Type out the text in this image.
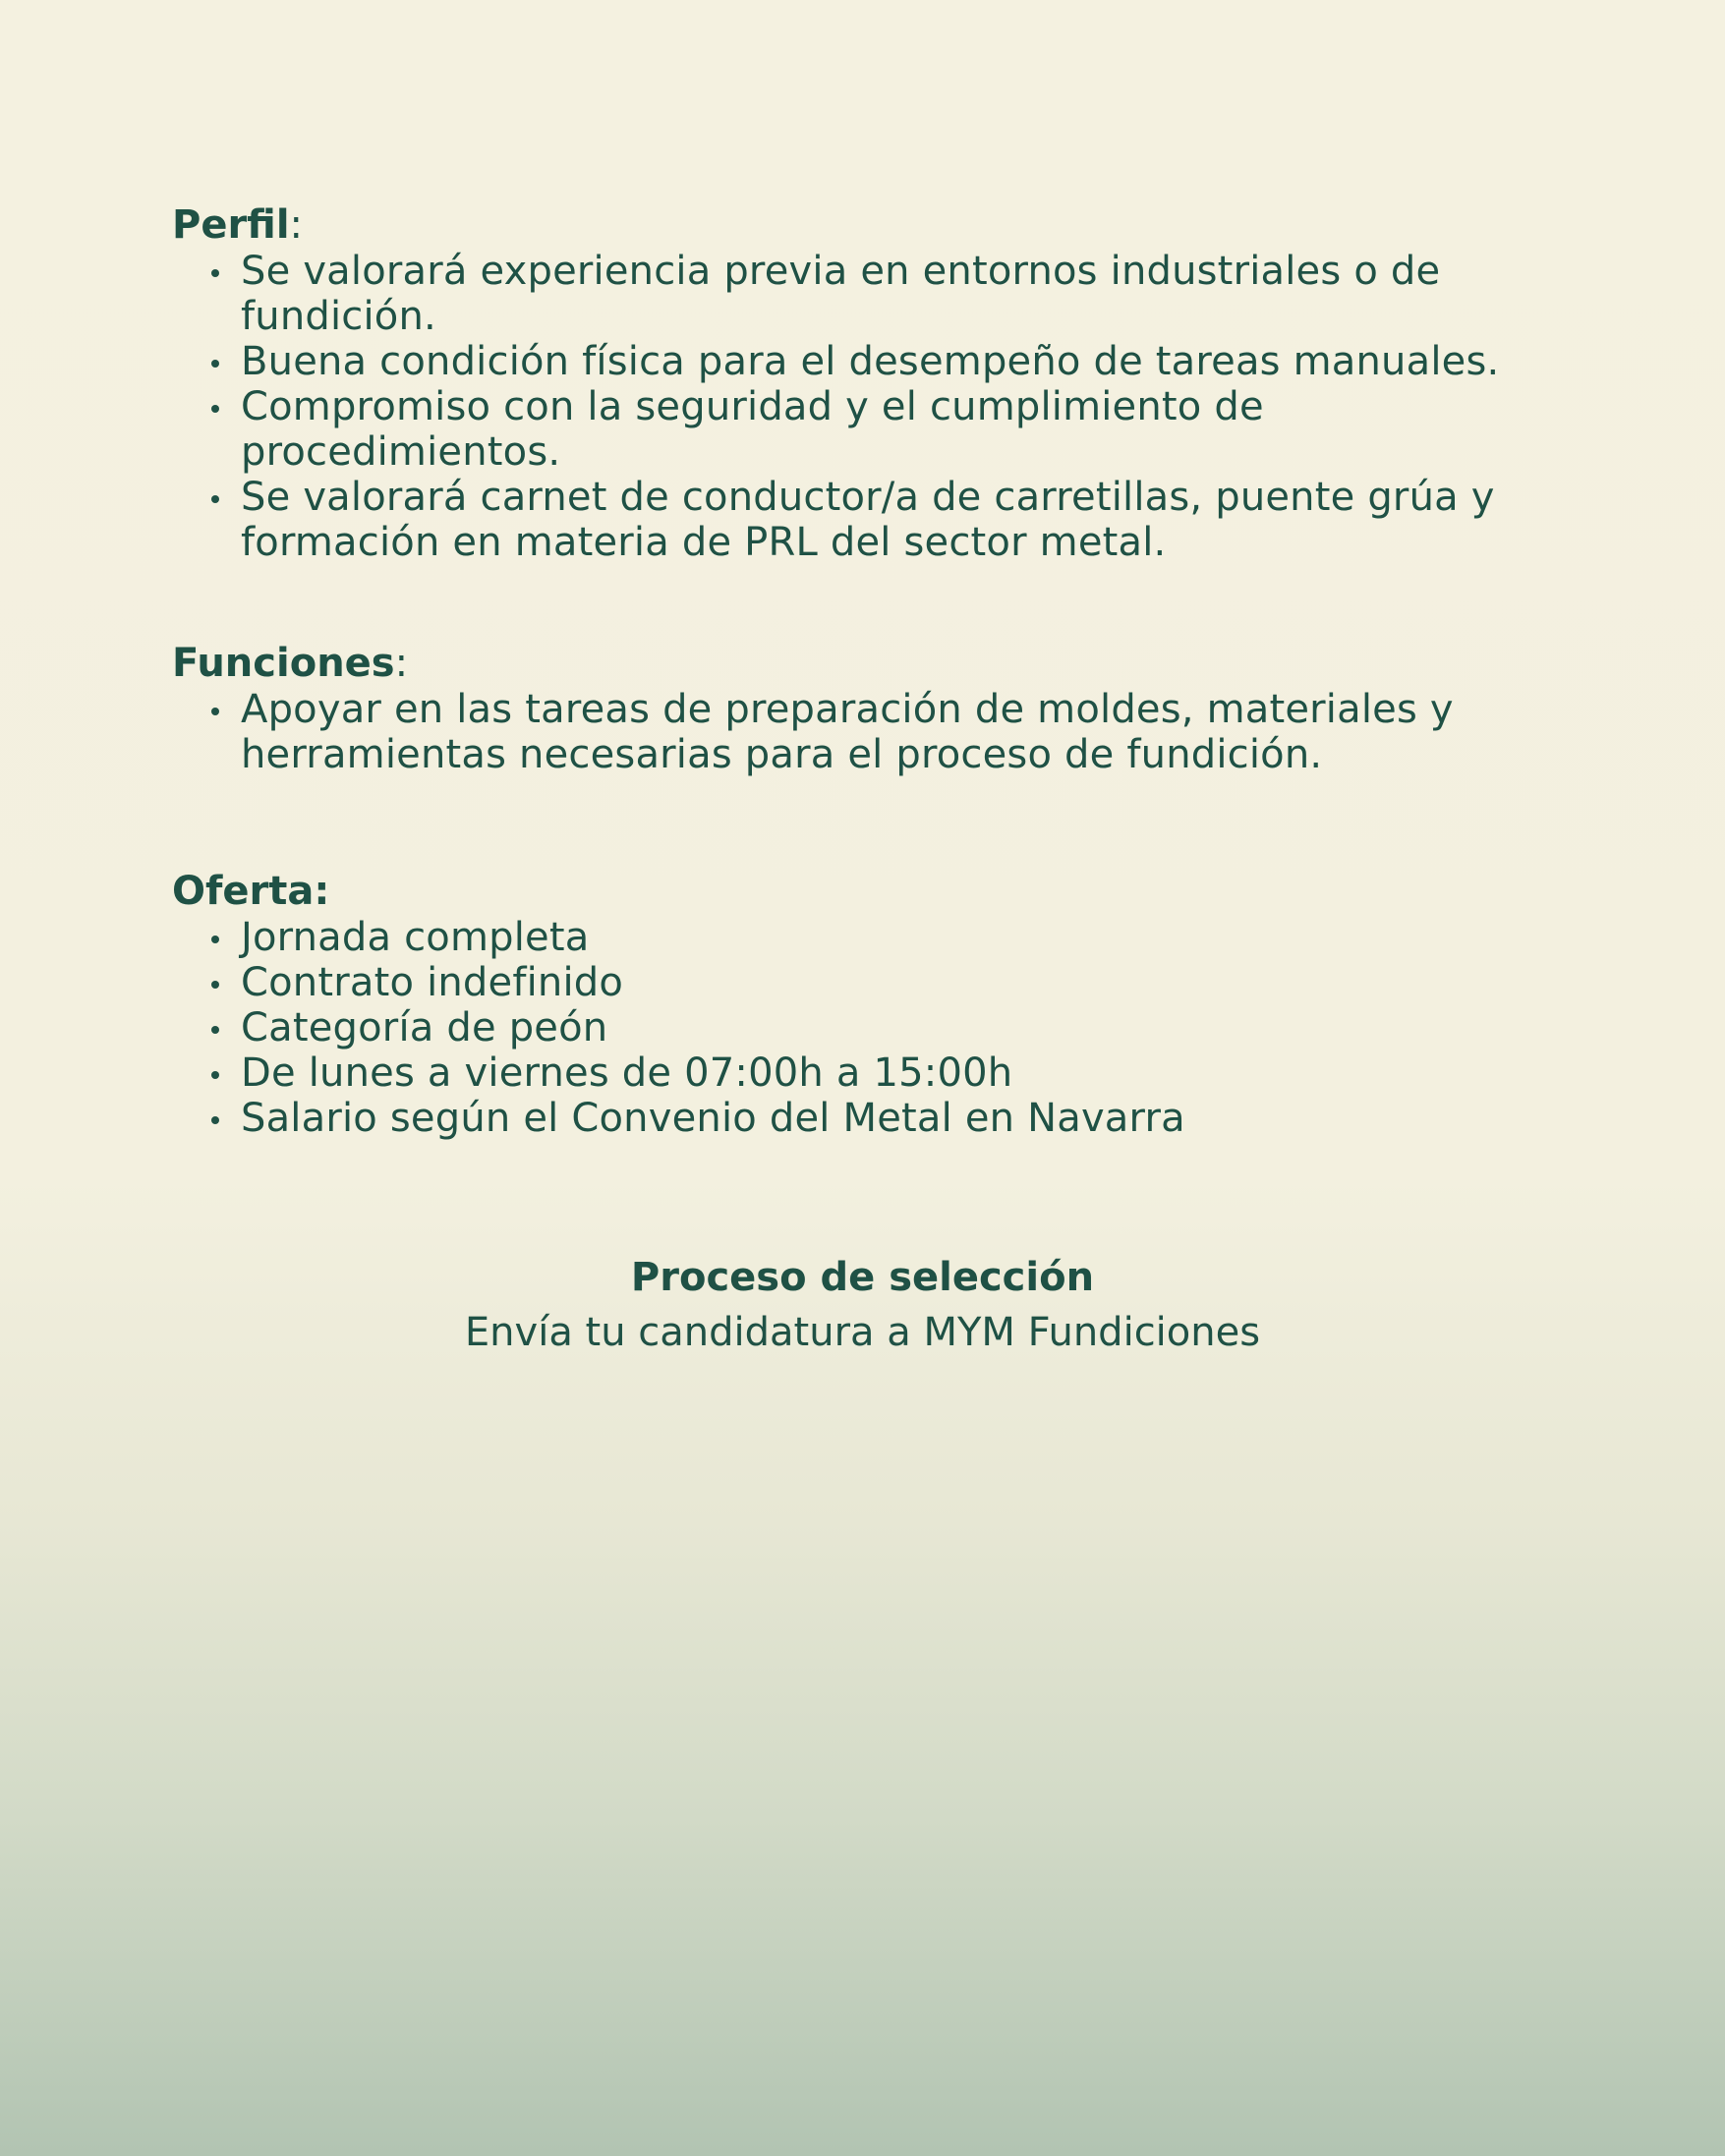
Perfil:

Se valorará experiencia previa en entornos industriales o de fundición.
Buena condición física para el desempeño de tareas manuales.
Compromiso con la seguridad y el cumplimiento de procedimientos.
Se valorará carnet de conductor/a de carretillas, puente grúa y formación en materia de PRL del sector metal.

Funciones:

Apoyar en las tareas de preparación de moldes, materiales y herramientas necesarias para el proceso de fundición.

Oferta:

Jornada completa
Contrato indefinido
Categoría de peón
De lunes a viernes de 07:00h a 15:00h
Salario según el Convenio del Metal en Navarra

Proceso de selección

Envía tu candidatura a MYM Fundiciones
